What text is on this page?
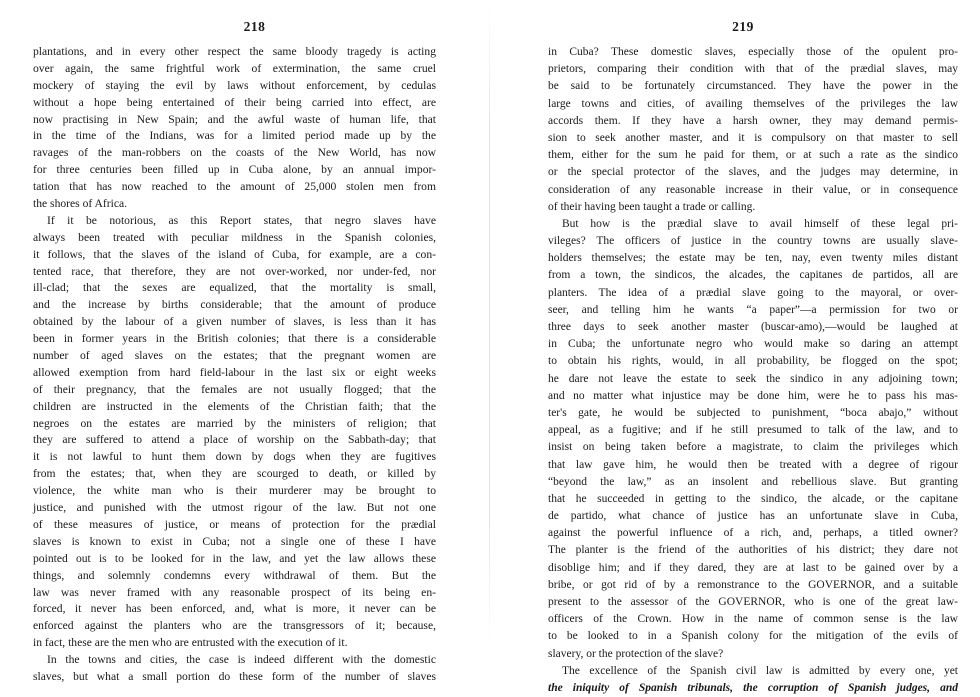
218
plantations, and in every other respect the same bloody tragedy is acting
over again, the same frightful work of extermination, the same cruel
mockery of staying the evil by laws without enforcement, by cedulas
without a hope being entertained of their being carried into effect, are
now practising in New Spain; and the awful waste of human life, that
in the time of the Indians, was for a limited period made up by the
ravages of the man-robbers on the coasts of the New World, has now
for three centuries been filled up in Cuba alone, by an annual impor-
tation that has now reached to the amount of 25,000 stolen men from
the shores of Africa.
If it be notorious, as this Report states, that negro slaves have
always been treated with peculiar mildness in the Spanish colonies,
it follows, that the slaves of the island of Cuba, for example, are a con-
tented race, that therefore, they are not over-worked, nor under-fed, nor
ill-clad; that the sexes are equalized, that the mortality is small,
and the increase by births considerable; that the amount of produce
obtained by the labour of a given number of slaves, is less than it has
been in former years in the British colonies; that there is a considerable
number of aged slaves on the estates; that the pregnant women are
allowed exemption from hard field-labour in the last six or eight weeks
of their pregnancy, that the females are not usually flogged; that the
children are instructed in the elements of the Christian faith; that the
negroes on the estates are married by the ministers of religion; that
they are suffered to attend a place of worship on the Sabbath-day; that
it is not lawful to hunt them down by dogs when they are fugitives
from the estates; that, when they are scourged to death, or killed by
violence, the white man who is their murderer may be brought to
justice, and punished with the utmost rigour of the law. But not one
of these measures of justice, or means of protection for the prædial
slaves is known to exist in Cuba; not a single one of these I have
pointed out is to be looked for in the law, and yet the law allows these
things, and solemnly condemns every withdrawal of them. But the
law was never framed with any reasonable prospect of its being en-
forced, it never has been enforced, and, what is more, it never can be
enforced against the planters who are the transgressors of it; because,
in fact, these are the men who are entrusted with the execution of it.
In the towns and cities, the case is indeed different with the domestic
slaves, but what a small portion do these form of the number of slaves
219
in Cuba? These domestic slaves, especially those of the opulent pro-
prietors, comparing their condition with that of the prædial slaves, may
be said to be fortunately circumstanced. They have the power in the
large towns and cities, of availing themselves of the privileges the law
accords them. If they have a harsh owner, they may demand permis-
sion to seek another master, and it is compulsory on that master to sell
them, either for the sum he paid for them, or at such a rate as the sindico
or the special protector of the slaves, and the judges may determine, in
consideration of any reasonable increase in their value, or in consequence
of their having been taught a trade or calling.
But how is the prædial slave to avail himself of these legal pri-
vileges? The officers of justice in the country towns are usually slave-
holders themselves; the estate may be ten, nay, even twenty miles distant
from a town, the sindicos, the alcades, the capitanes de partidos, all are
planters. The idea of a prædial slave going to the mayoral, or over-
seer, and telling him he wants “a paper”—a permission for two or
three days to seek another master (buscar-amo),—would be laughed at
in Cuba; the unfortunate negro who would make so daring an attempt
to obtain his rights, would, in all probability, be flogged on the spot;
he dare not leave the estate to seek the sindico in any adjoining town;
and no matter what injustice may be done him, were he to pass his mas-
ter's gate, he would be subjected to punishment, “boca abajo,” without
appeal, as a fugitive; and if he still presumed to talk of the law, and to
insist on being taken before a magistrate, to claim the privileges which
that law gave him, he would then be treated with a degree of rigour
“beyond the law,” as an insolent and rebellious slave. But granting
that he succeeded in getting to the sindico, the alcade, or the capitane
de partido, what chance of justice has an unfortunate slave in Cuba,
against the powerful influence of a rich, and, perhaps, a titled owner?
The planter is the friend of the authorities of his district; they dare not
disoblige him; and if they dared, they are at last to be gained over by a
bribe, or got rid of by a remonstrance to the GOVERNOR, and a suitable
present to the assessor of the GOVERNOR, who is one of the great law-
officers of the Crown. How in the name of common sense is the law
to be looked to in a Spanish colony for the mitigation of the evils of
slavery, or the protection of the slave?
The excellence of the Spanish civil law is admitted by every one, yet
the iniquity of Spanish tribunals, the corruption of Spanish judges, and
